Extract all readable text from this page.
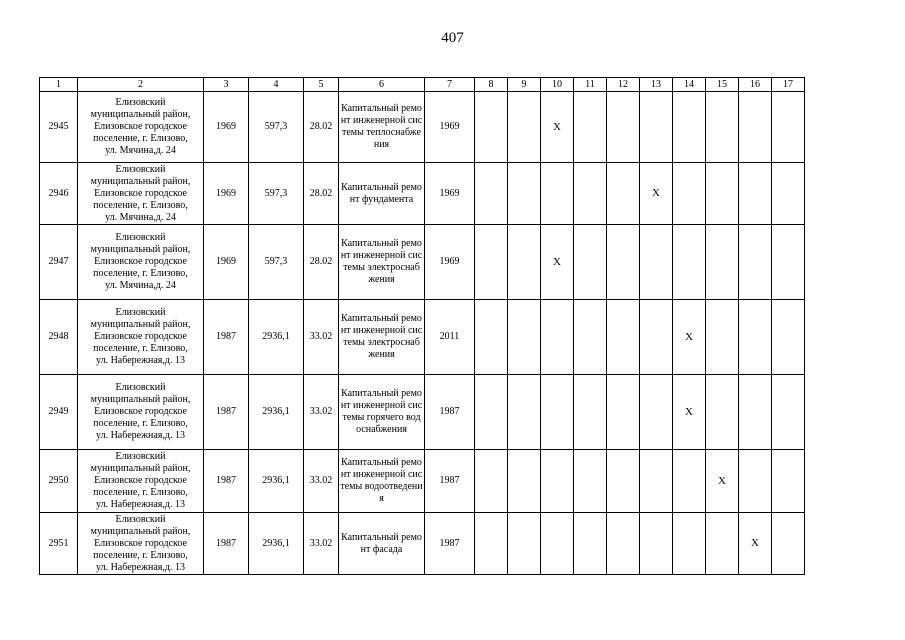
407
1	2	3	4	5	6	7	8	9	10	11	12	13	14	15	16	17
2945	Елизовский
муниципальный район,
Елизовское городское
поселение, г. Елизово,
ул. Мячина,д. 24	1969	597,3	28.02	Капитальный ремонт инженерной системы теплоснабжения	1969			X							
2946	Елизовский
муниципальный район,
Елизовское городское
поселение, г. Елизово,
ул. Мячина,д. 24	1969	597,3	28.02	Капитальный ремонт фундамента	1969						X				
2947	Елизовский
муниципальный район,
Елизовское городское
поселение, г. Елизово,
ул. Мячина,д. 24	1969	597,3	28.02	Капитальный ремонт инженерной системы электроснабжения	1969			X							
2948	Елизовский
муниципальный район,
Елизовское городское
поселение, г. Елизово,
ул. Набережная,д. 13	1987	2936,1	33.02	Капитальный ремонт инженерной системы электроснабжения	2011							X			
2949	Елизовский
муниципальный район,
Елизовское городское
поселение, г. Елизово,
ул. Набережная,д. 13	1987	2936,1	33.02	Капитальный ремонт инженерной системы горячего водоснабжения	1987							X			
2950	Елизовский
муниципальный район,
Елизовское городское
поселение, г. Елизово,
ул. Набережная,д. 13	1987	2936,1	33.02	Капитальный ремонт инженерной системы водоотведения	1987								X		
2951	Елизовский
муниципальный район,
Елизовское городское
поселение, г. Елизово,
ул. Набережная,д. 13	1987	2936,1	33.02	Капитальный ремонт фасада	1987									X	
